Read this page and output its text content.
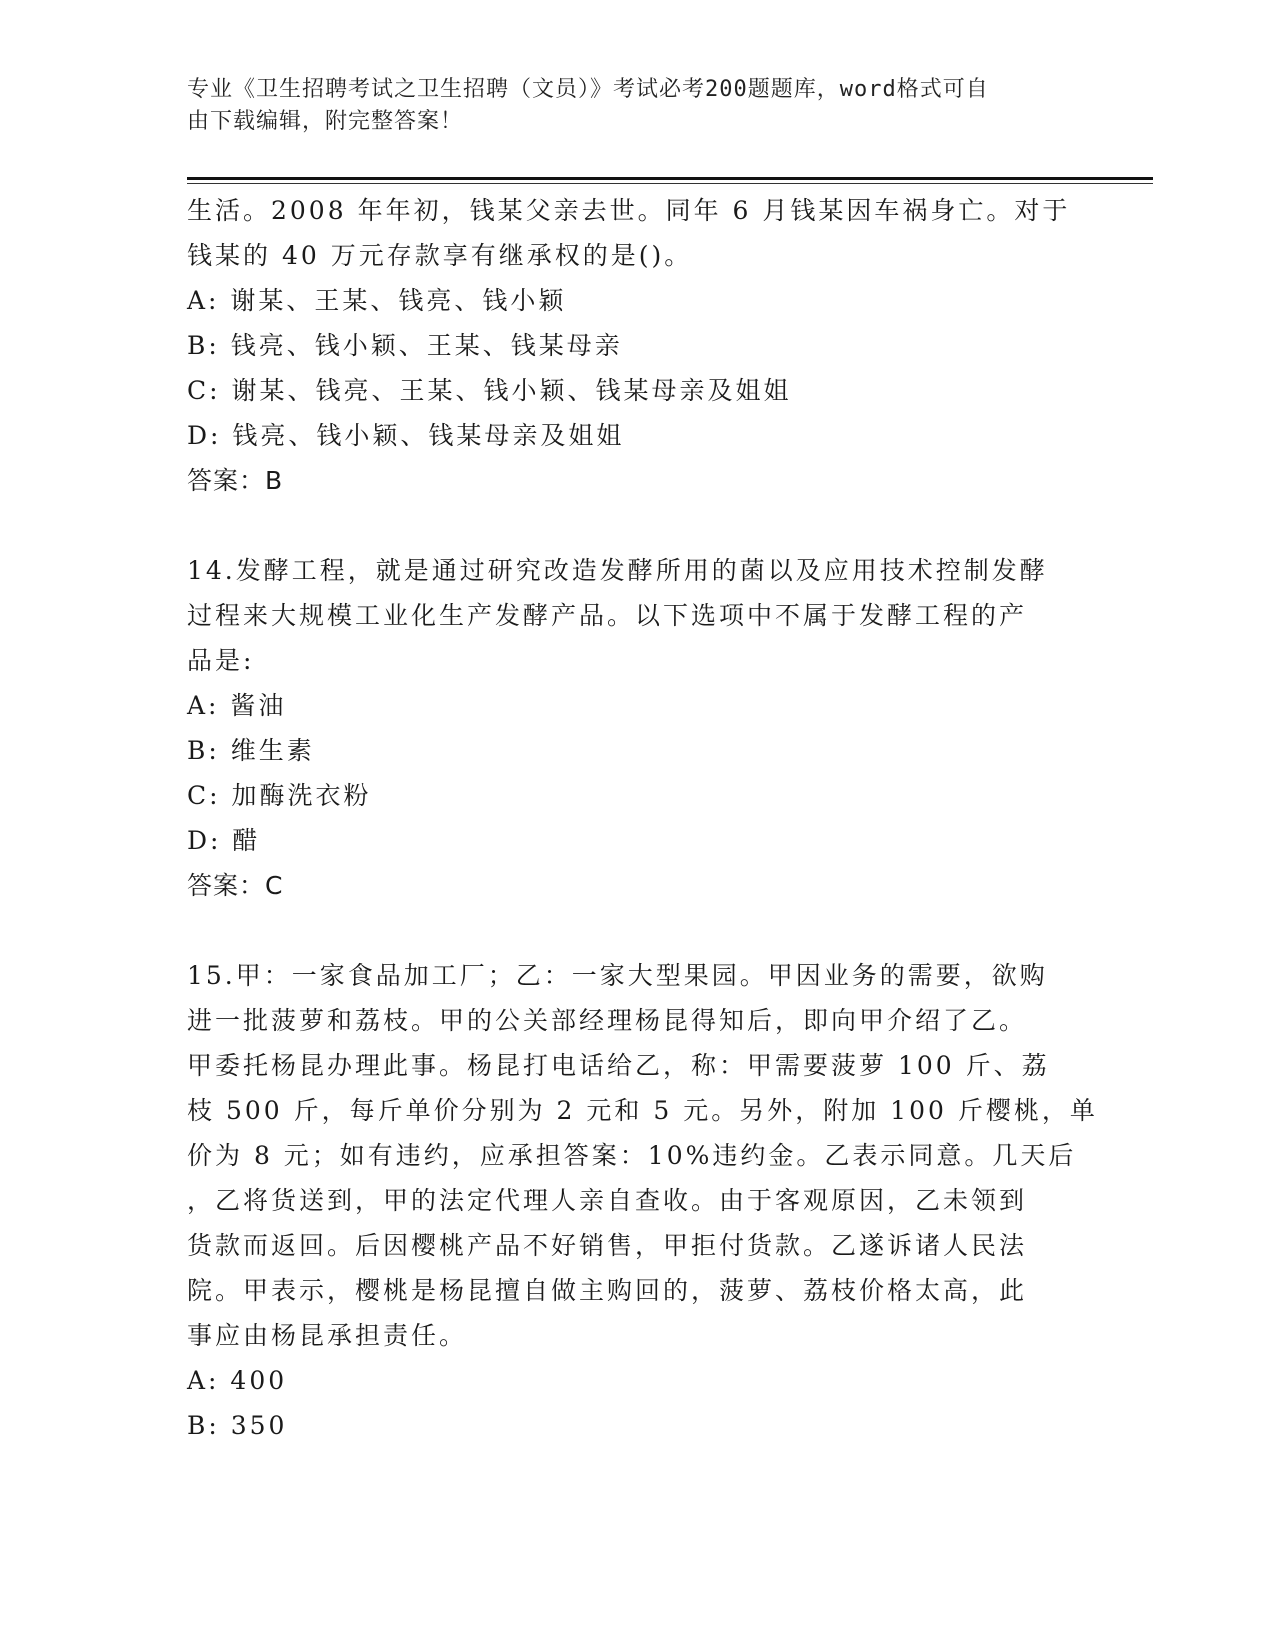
专业《卫生招聘考试之卫生招聘（文员）》考试必考200题题库，word格式可自
由下载编辑，附完整答案！
生活。2008 年年初，钱某父亲去世。同年 6 月钱某因车祸身亡。对于
钱某的 40 万元存款享有继承权的是()。
A: 谢某、王某、钱亮、钱小颖
B: 钱亮、钱小颖、王某、钱某母亲
C: 谢某、钱亮、王某、钱小颖、钱某母亲及姐姐
D: 钱亮、钱小颖、钱某母亲及姐姐
答案：B
14.发酵工程，就是通过研究改造发酵所用的菌以及应用技术控制发酵
过程来大规模工业化生产发酵产品。以下选项中不属于发酵工程的产
品是:
A: 酱油
B: 维生素
C: 加酶洗衣粉
D: 醋
答案：C
15.甲：一家食品加工厂；乙：一家大型果园。甲因业务的需要，欲购
进一批菠萝和荔枝。甲的公关部经理杨昆得知后，即向甲介绍了乙。
甲委托杨昆办理此事。杨昆打电话给乙，称：甲需要菠萝 100 斤、荔
枝 500 斤，每斤单价分别为 2 元和 5 元。另外，附加 100 斤樱桃，单
价为 8 元；如有违约，应承担答案：10%违约金。乙表示同意。几天后
，乙将货送到，甲的法定代理人亲自查收。由于客观原因，乙未领到
货款而返回。后因樱桃产品不好销售，甲拒付货款。乙遂诉诸人民法
院。甲表示，樱桃是杨昆擅自做主购回的，菠萝、荔枝价格太高，此
事应由杨昆承担责任。
A: 400
B: 350
